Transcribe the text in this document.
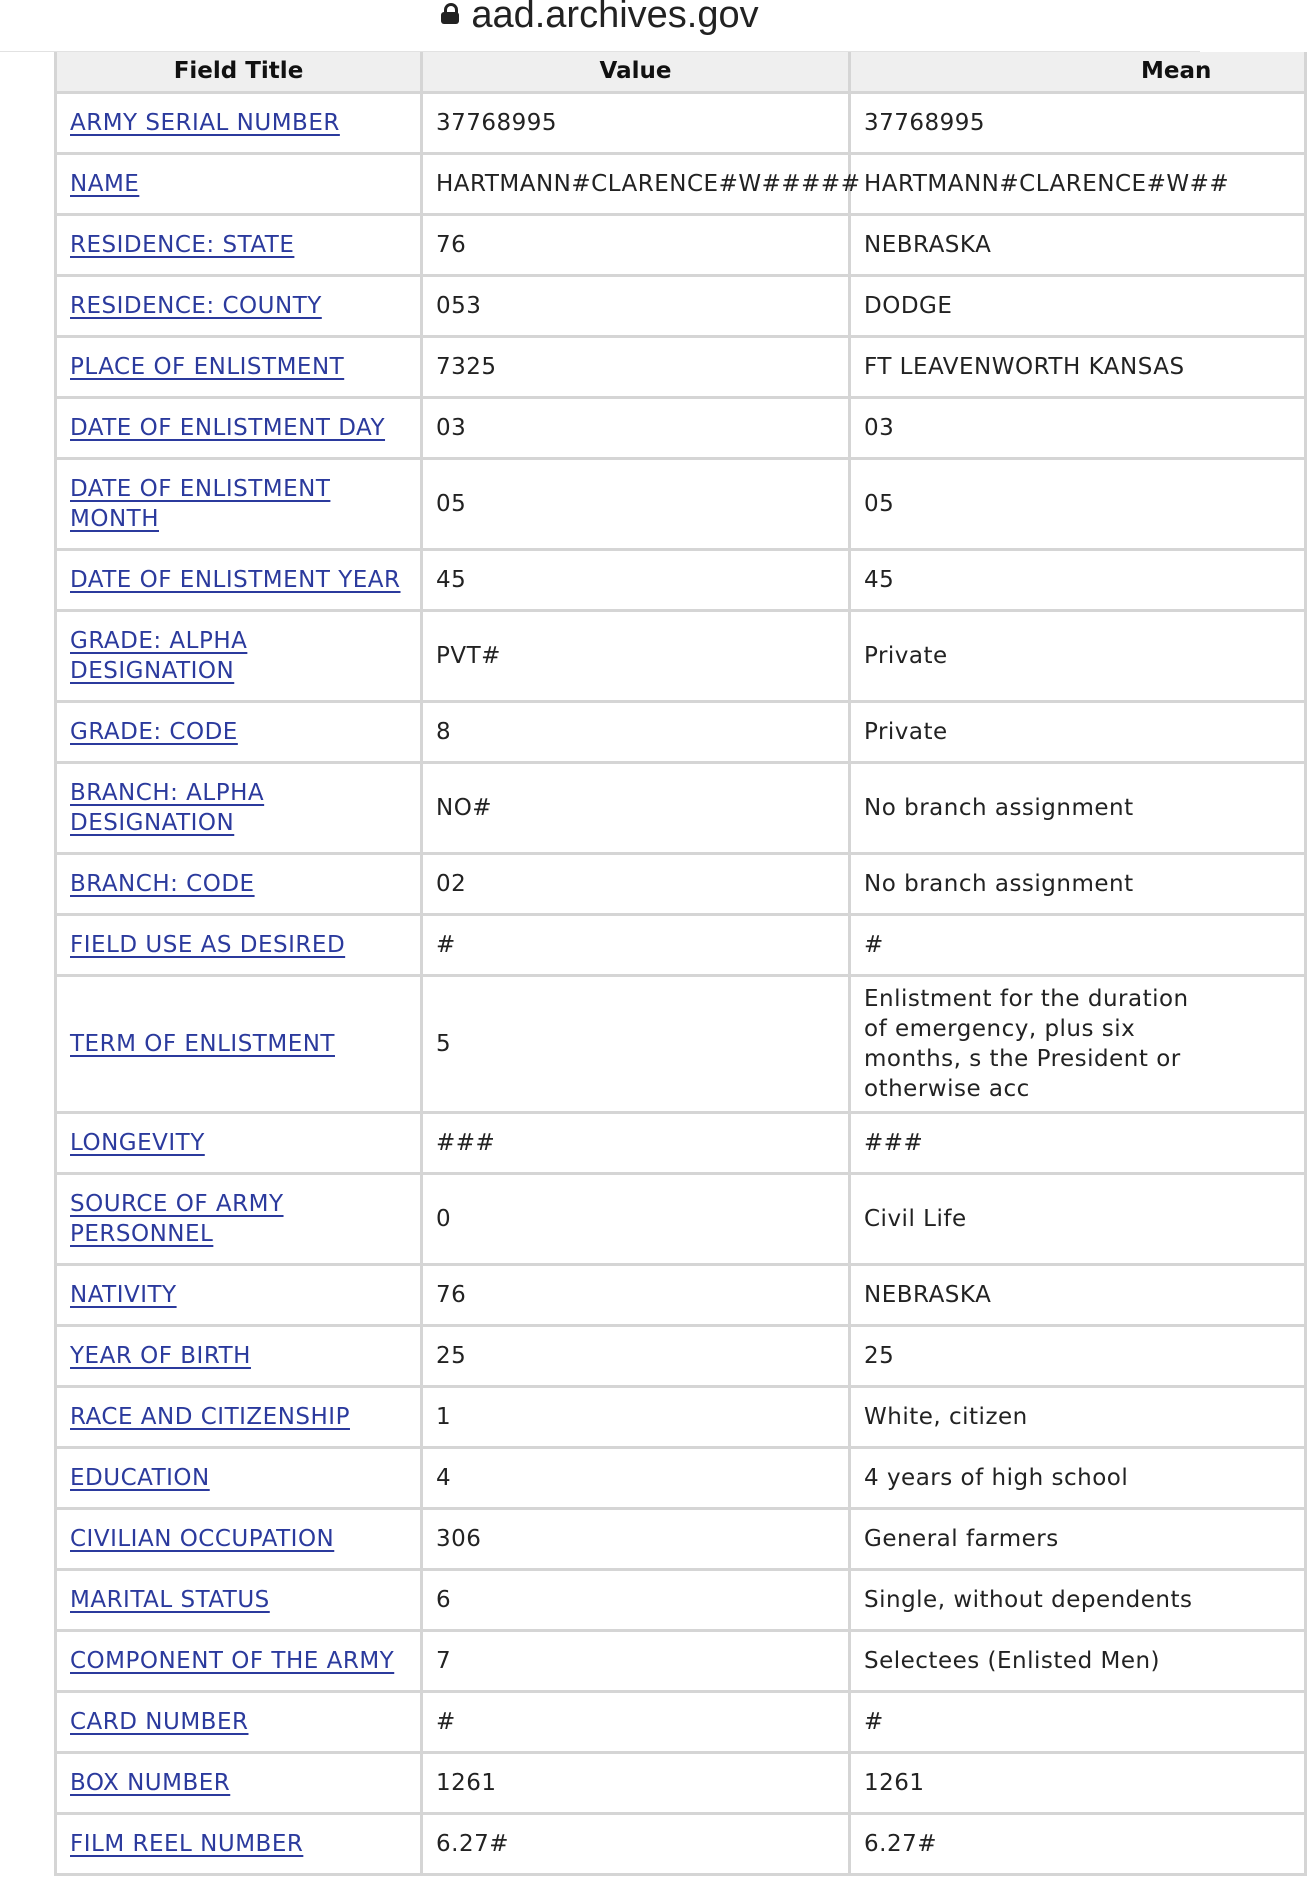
aad.archives.gov
Field Title	Value	Mean
ARMY SERIAL NUMBER	37768995	37768995
NAME	HARTMANN#CLARENCE#W#####	HARTMANN#CLARENCE#W##
RESIDENCE: STATE	76	NEBRASKA
RESIDENCE: COUNTY	053	DODGE
PLACE OF ENLISTMENT	7325	FT LEAVENWORTH KANSAS
DATE OF ENLISTMENT DAY	03	03
DATE OF ENLISTMENT MONTH	05	05
DATE OF ENLISTMENT YEAR	45	45
GRADE: ALPHA DESIGNATION	PVT#	Private
GRADE: CODE	8	Private
BRANCH: ALPHA DESIGNATION	NO#	No branch assignment
BRANCH: CODE	02	No branch assignment
FIELD USE AS DESIRED	#	#
TERM OF ENLISTMENT	5	Enlistment for the duration of emergency, plus six months, s the President or otherwise acc

LONGEVITY	###	###
SOURCE OF ARMY PERSONNEL	0	Civil Life
NATIVITY	76	NEBRASKA
YEAR OF BIRTH	25	25
RACE AND CITIZENSHIP	1	White, citizen
EDUCATION	4	4 years of high school
CIVILIAN OCCUPATION	306	General farmers
MARITAL STATUS	6	Single, without dependents
COMPONENT OF THE ARMY	7	Selectees (Enlisted Men)
CARD NUMBER	#	#
BOX NUMBER	1261	1261
FILM REEL NUMBER	6.27#	6.27#
